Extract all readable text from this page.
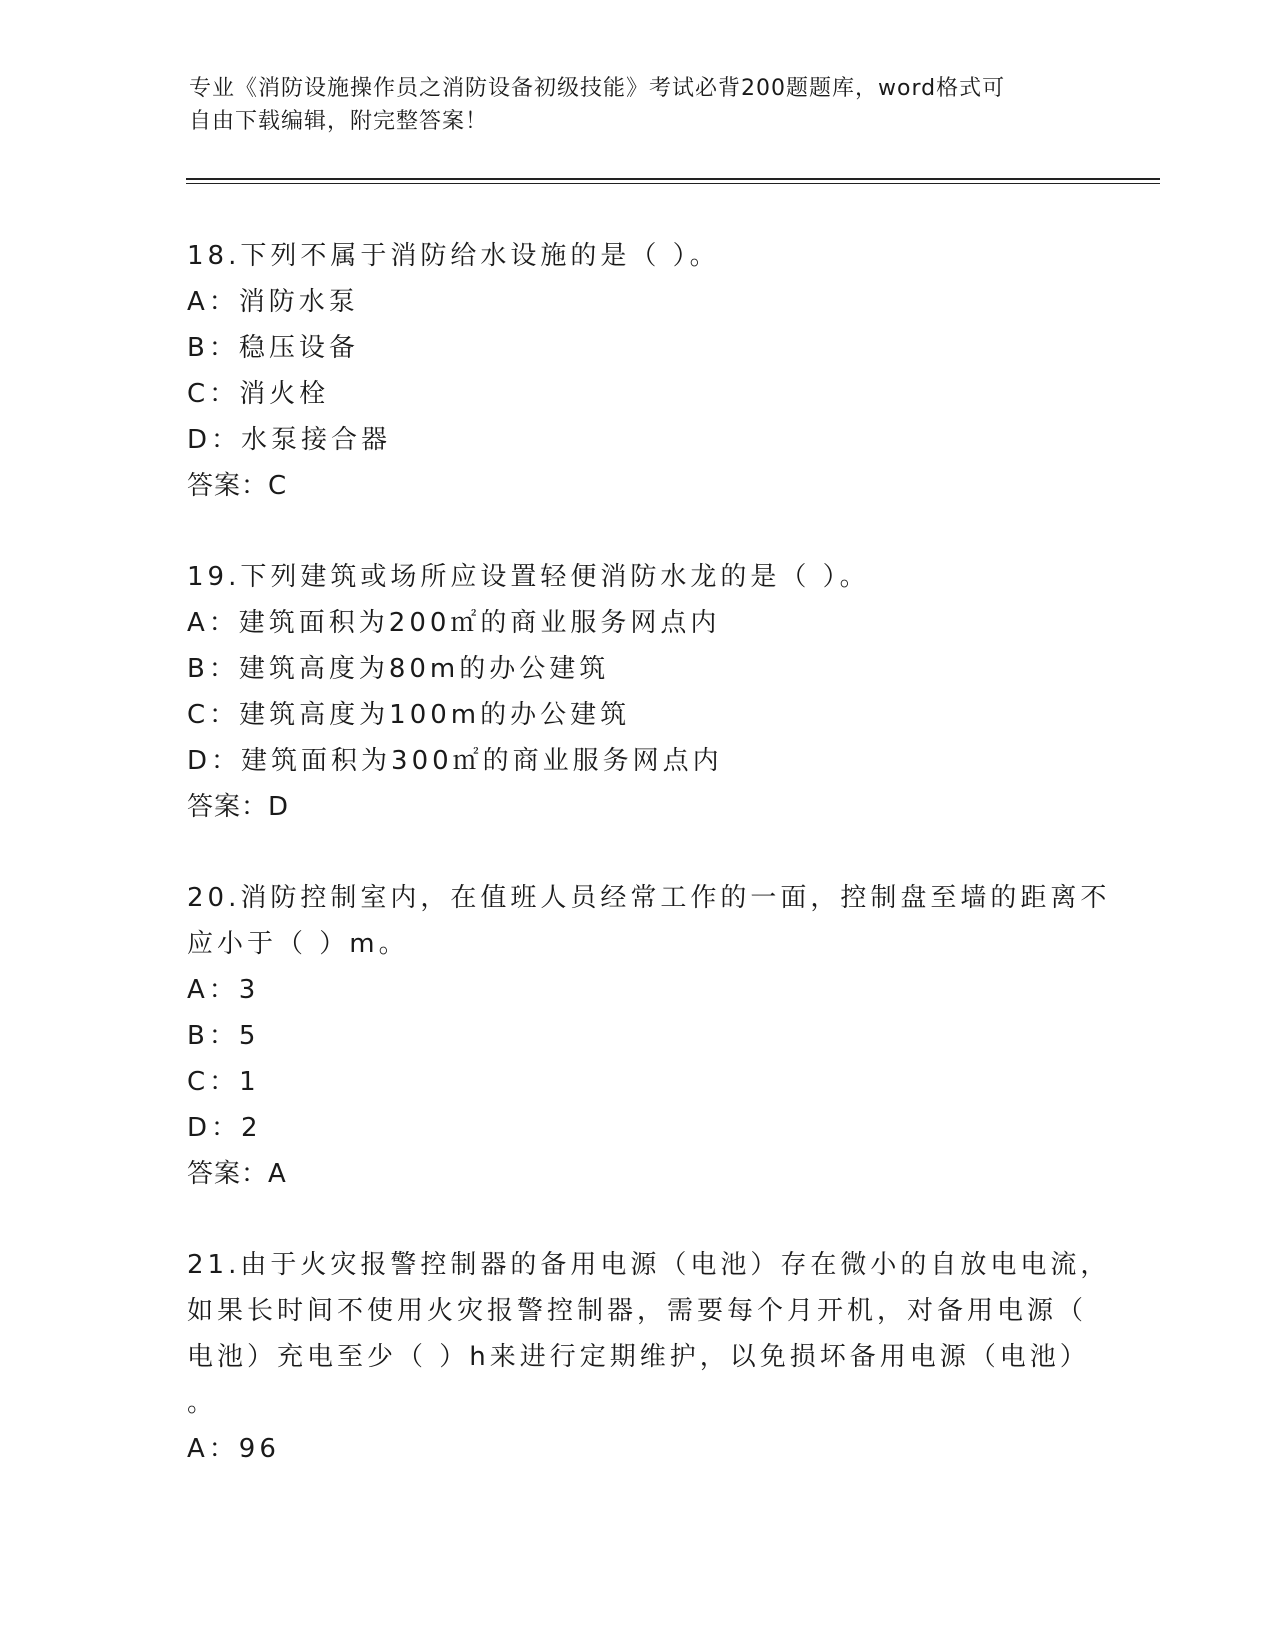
专业《消防设施操作员之消防设备初级技能》考试必背200题题库，word格式可
自由下载编辑，附完整答案！
18.下列不属于消防给水设施的是（ ）。
A：消防水泵
B：稳压设备
C：消火栓
D：水泵接合器
答案：C
19.下列建筑或场所应设置轻便消防水龙的是（ ）。
A：建筑面积为200㎡的商业服务网点内
B：建筑高度为80m的办公建筑
C：建筑高度为100m的办公建筑
D：建筑面积为300㎡的商业服务网点内
答案：D
20.消防控制室内，在值班人员经常工作的一面，控制盘至墙的距离不
应小于（ ）m。
A：3
B：5
C：1
D：2
答案：A
21.由于火灾报警控制器的备用电源（电池）存在微小的自放电电流，
如果长时间不使用火灾报警控制器，需要每个月开机，对备用电源（
电池）充电至少（ ）h来进行定期维护，以免损坏备用电源（电池）
。
A：96
